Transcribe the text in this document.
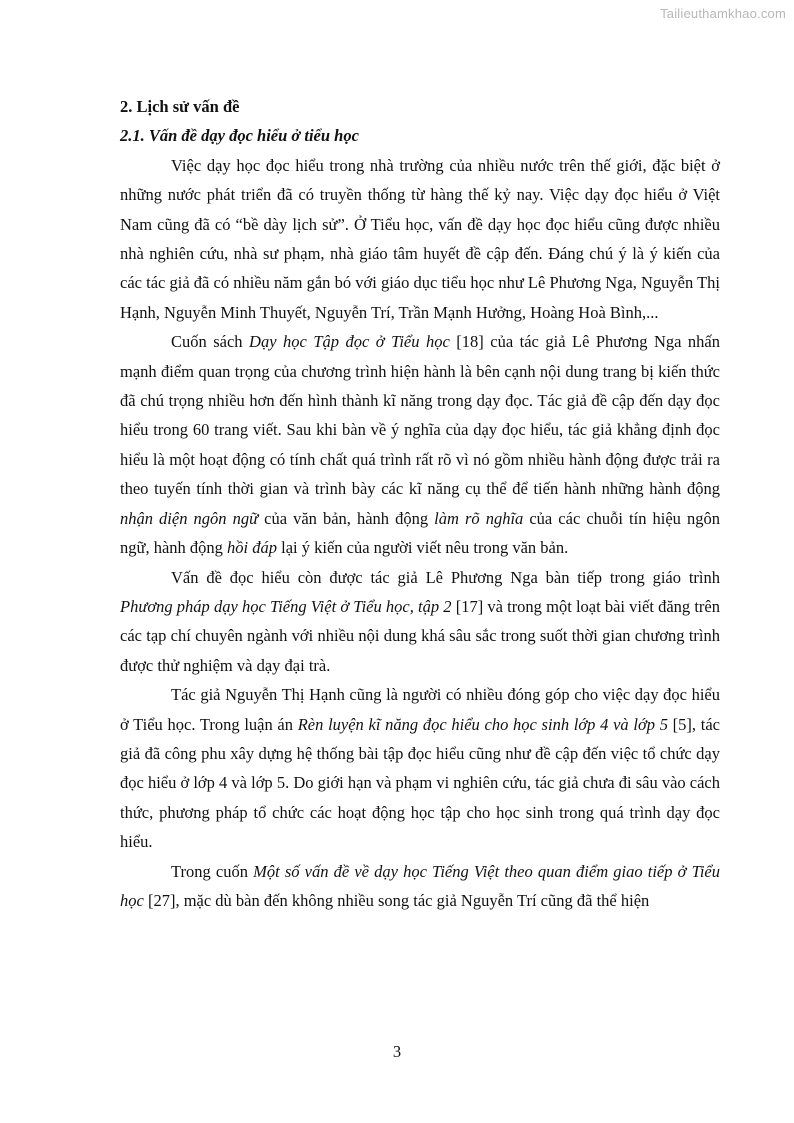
Tailieuthamkhao.com
2. Lịch sử vấn đề
2.1. Vấn đề dạy đọc hiểu ở tiểu học

Việc dạy học đọc hiểu trong nhà trường của nhiều nước trên thế giới, đặc biệt ở những nước phát triển đã có truyền thống từ hàng thế kỷ nay. Việc dạy đọc hiểu ở Việt Nam cũng đã có “bề dày lịch sử”. Ở Tiểu học, vấn đề dạy học đọc hiểu cũng được nhiều nhà nghiên cứu, nhà sư phạm, nhà giáo tâm huyết đề cập đến. Đáng chú ý là ý kiến của các tác giả đã có nhiều năm gắn bó với giáo dục tiểu học như Lê Phương Nga, Nguyễn Thị Hạnh, Nguyễn Minh Thuyết, Nguyễn Trí, Trần Mạnh Hưởng, Hoàng Hoà Bình,...

Cuốn sách Dạy học Tập đọc ở Tiểu học [18] của tác giả Lê Phương Nga nhấn mạnh điểm quan trọng của chương trình hiện hành là bên cạnh nội dung trang bị kiến thức đã chú trọng nhiều hơn đến hình thành kĩ năng trong dạy đọc. Tác giả đề cập đến dạy đọc hiểu trong 60 trang viết. Sau khi bàn về ý nghĩa của dạy đọc hiểu, tác giả khẳng định đọc hiểu là một hoạt động có tính chất quá trình rất rõ vì nó gồm nhiều hành động được trải ra theo tuyến tính thời gian và trình bày các kĩ năng cụ thể để tiến hành những hành động nhận diện ngôn ngữ của văn bản, hành động làm rõ nghĩa của các chuỗi tín hiệu ngôn ngữ, hành động hồi đáp lại ý kiến của người viết nêu trong văn bản.

Vấn đề đọc hiểu còn được tác giả Lê Phương Nga bàn tiếp trong giáo trình Phương pháp dạy học Tiếng Việt ở Tiểu học, tập 2 [17] và trong một loạt bài viết đăng trên các tạp chí chuyên ngành với nhiều nội dung khá sâu sắc trong suốt thời gian chương trình được thử nghiệm và dạy đại trà.

Tác giả Nguyễn Thị Hạnh cũng là người có nhiều đóng góp cho việc dạy đọc hiểu ở Tiểu học. Trong luận án Rèn luyện kĩ năng đọc hiểu cho học sinh lớp 4 và lớp 5 [5], tác giả đã công phu xây dựng hệ thống bài tập đọc hiểu cũng như đề cập đến việc tổ chức dạy đọc hiểu ở lớp 4 và lớp 5. Do giới hạn và phạm vi nghiên cứu, tác giả chưa đi sâu vào cách thức, phương pháp tổ chức các hoạt động học tập cho học sinh trong quá trình dạy đọc hiểu.

Trong cuốn Một số vấn đề về dạy học Tiếng Việt theo quan điểm giao tiếp ở Tiểu học [27], mặc dù bàn đến không nhiều song tác giả Nguyễn Trí cũng đã thể hiện

3
